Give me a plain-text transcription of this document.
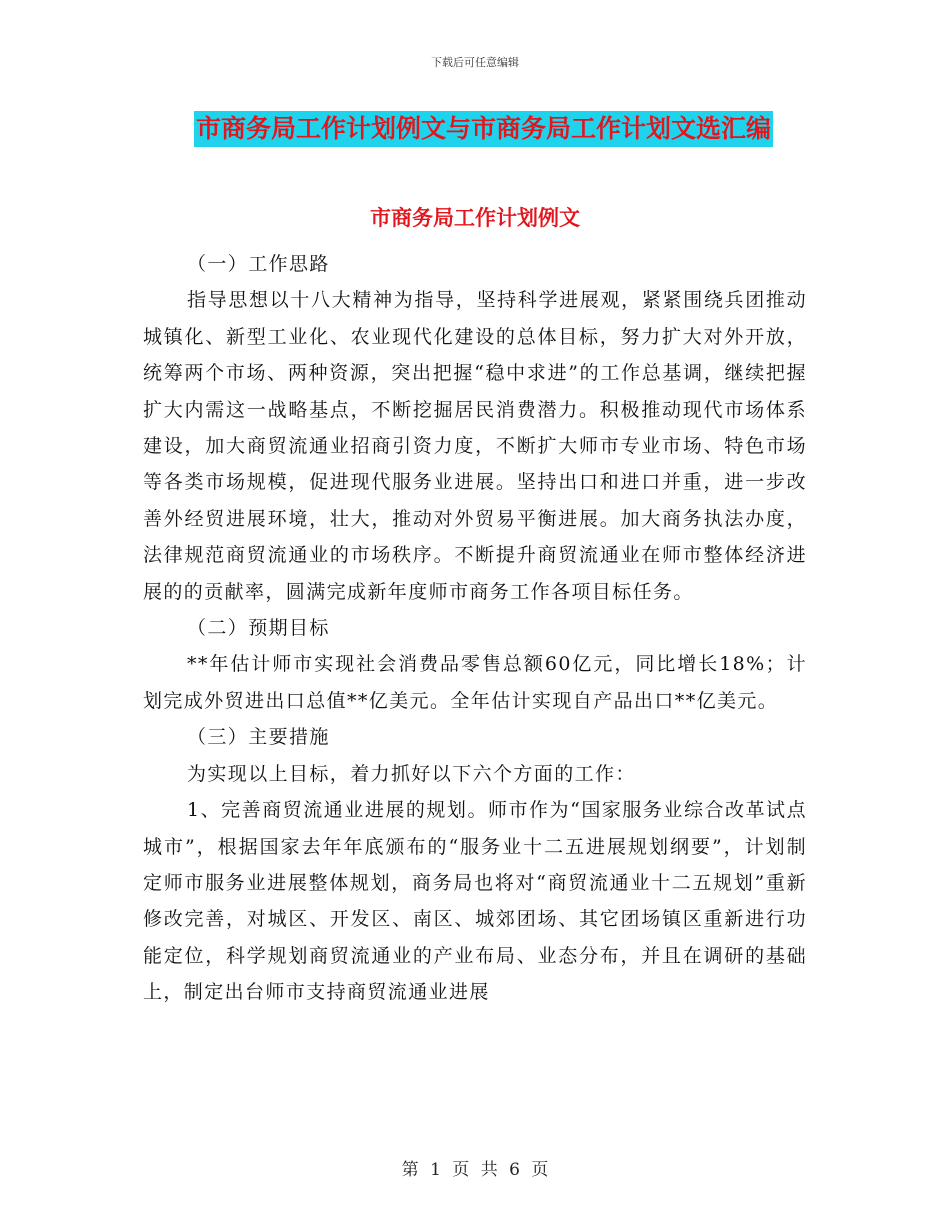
下载后可任意编辑
市商务局工作计划例文与市商务局工作计划文选汇编
市商务局工作计划例文

（一）工作思路

指导思想以十八大精神为指导，坚持科学进展观，紧紧围绕兵团推动城镇化、新型工业化、农业现代化建设的总体目标，努力扩大对外开放，统筹两个市场、两种资源，突出把握“稳中求进”的工作总基调，继续把握扩大内需这一战略基点，不断挖掘居民消费潜力。积极推动现代市场体系建设，加大商贸流通业招商引资力度，不断扩大师市专业市场、特色市场等各类市场规模，促进现代服务业进展。坚持出口和进口并重，进一步改善外经贸进展环境，壮大，推动对外贸易平衡进展。加大商务执法办度，法律规范商贸流通业的市场秩序。不断提升商贸流通业在师市整体经济进展的的贡献率，圆满完成新年度师市商务工作各项目标任务。

（二）预期目标

**年估计师市实现社会消费品零售总额60亿元，同比增长18%；计划完成外贸进出口总值**亿美元。全年估计实现自产品出口**亿美元。

（三）主要措施

为实现以上目标，着力抓好以下六个方面的工作：

1、完善商贸流通业进展的规划。师市作为“国家服务业综合改革试点城市”，根据国家去年年底颁布的“服务业十二五进展规划纲要”，计划制定师市服务业进展整体规划，商务局也将对“商贸流通业十二五规划”重新修改完善，对城区、开发区、南区、城郊团场、其它团场镇区重新进行功能定位，科学规划商贸流通业的产业布局、业态分布，并且在调研的基础上，制定出台师市支持商贸流通业进展

第 1 页 共 6 页
